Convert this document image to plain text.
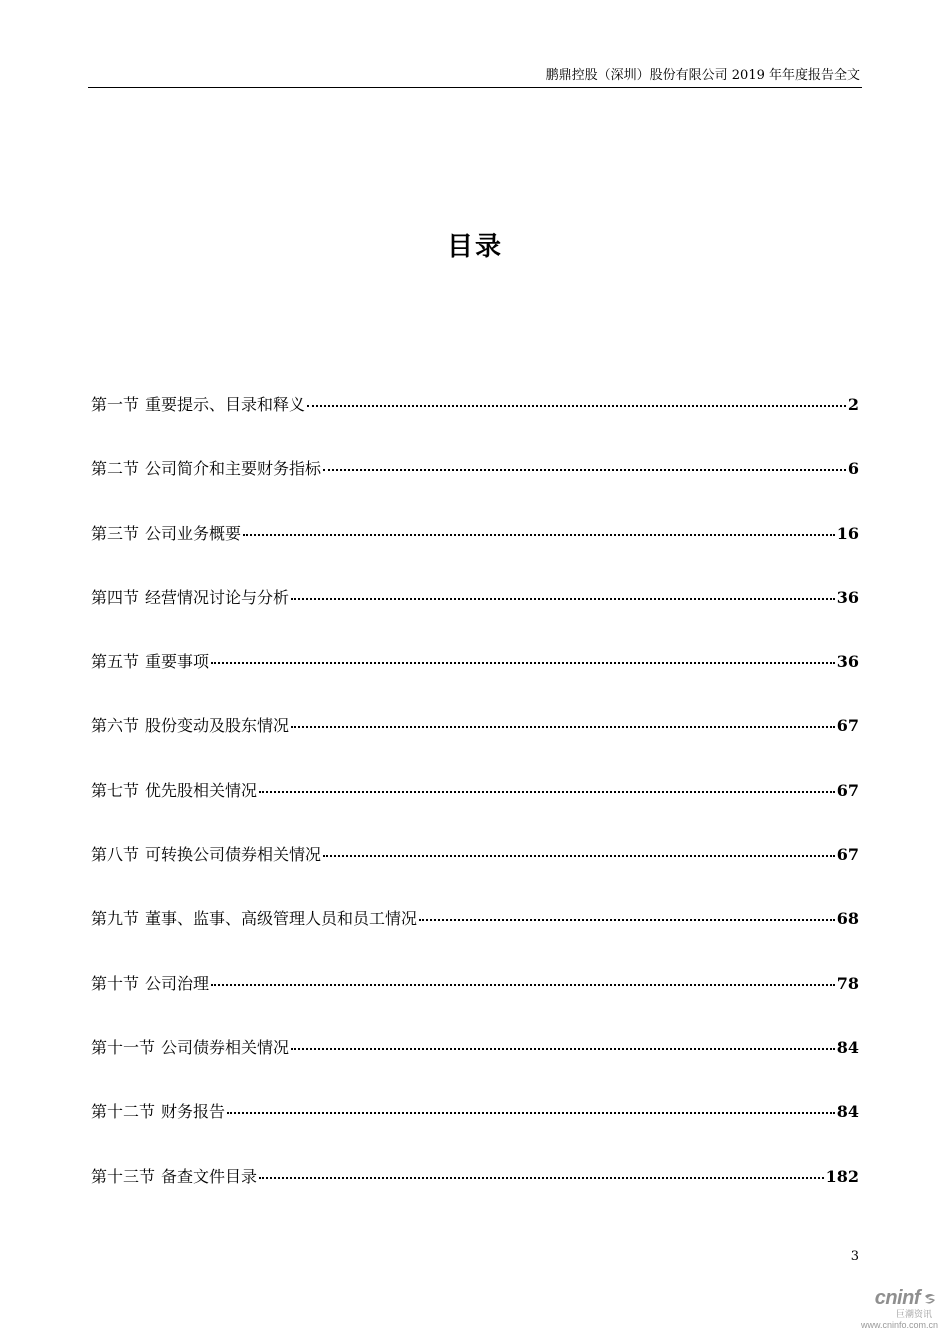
鹏鼎控股（深圳）股份有限公司 2019 年年度报告全文
目录
第一节 重要提示、目录和释义	2
第二节 公司简介和主要财务指标	6
第三节 公司业务概要	16
第四节 经营情况讨论与分析	36
第五节 重要事项	36
第六节 股份变动及股东情况	67
第七节 优先股相关情况	67
第八节 可转换公司债券相关情况	67
第九节 董事、监事、高级管理人员和员工情况	68
第十节 公司治理	78
第十一节 公司债券相关情况	84
第十二节 财务报告	84
第十三节 备查文件目录	182
3
cninf
巨潮资讯
www.cninfo.com.cn
